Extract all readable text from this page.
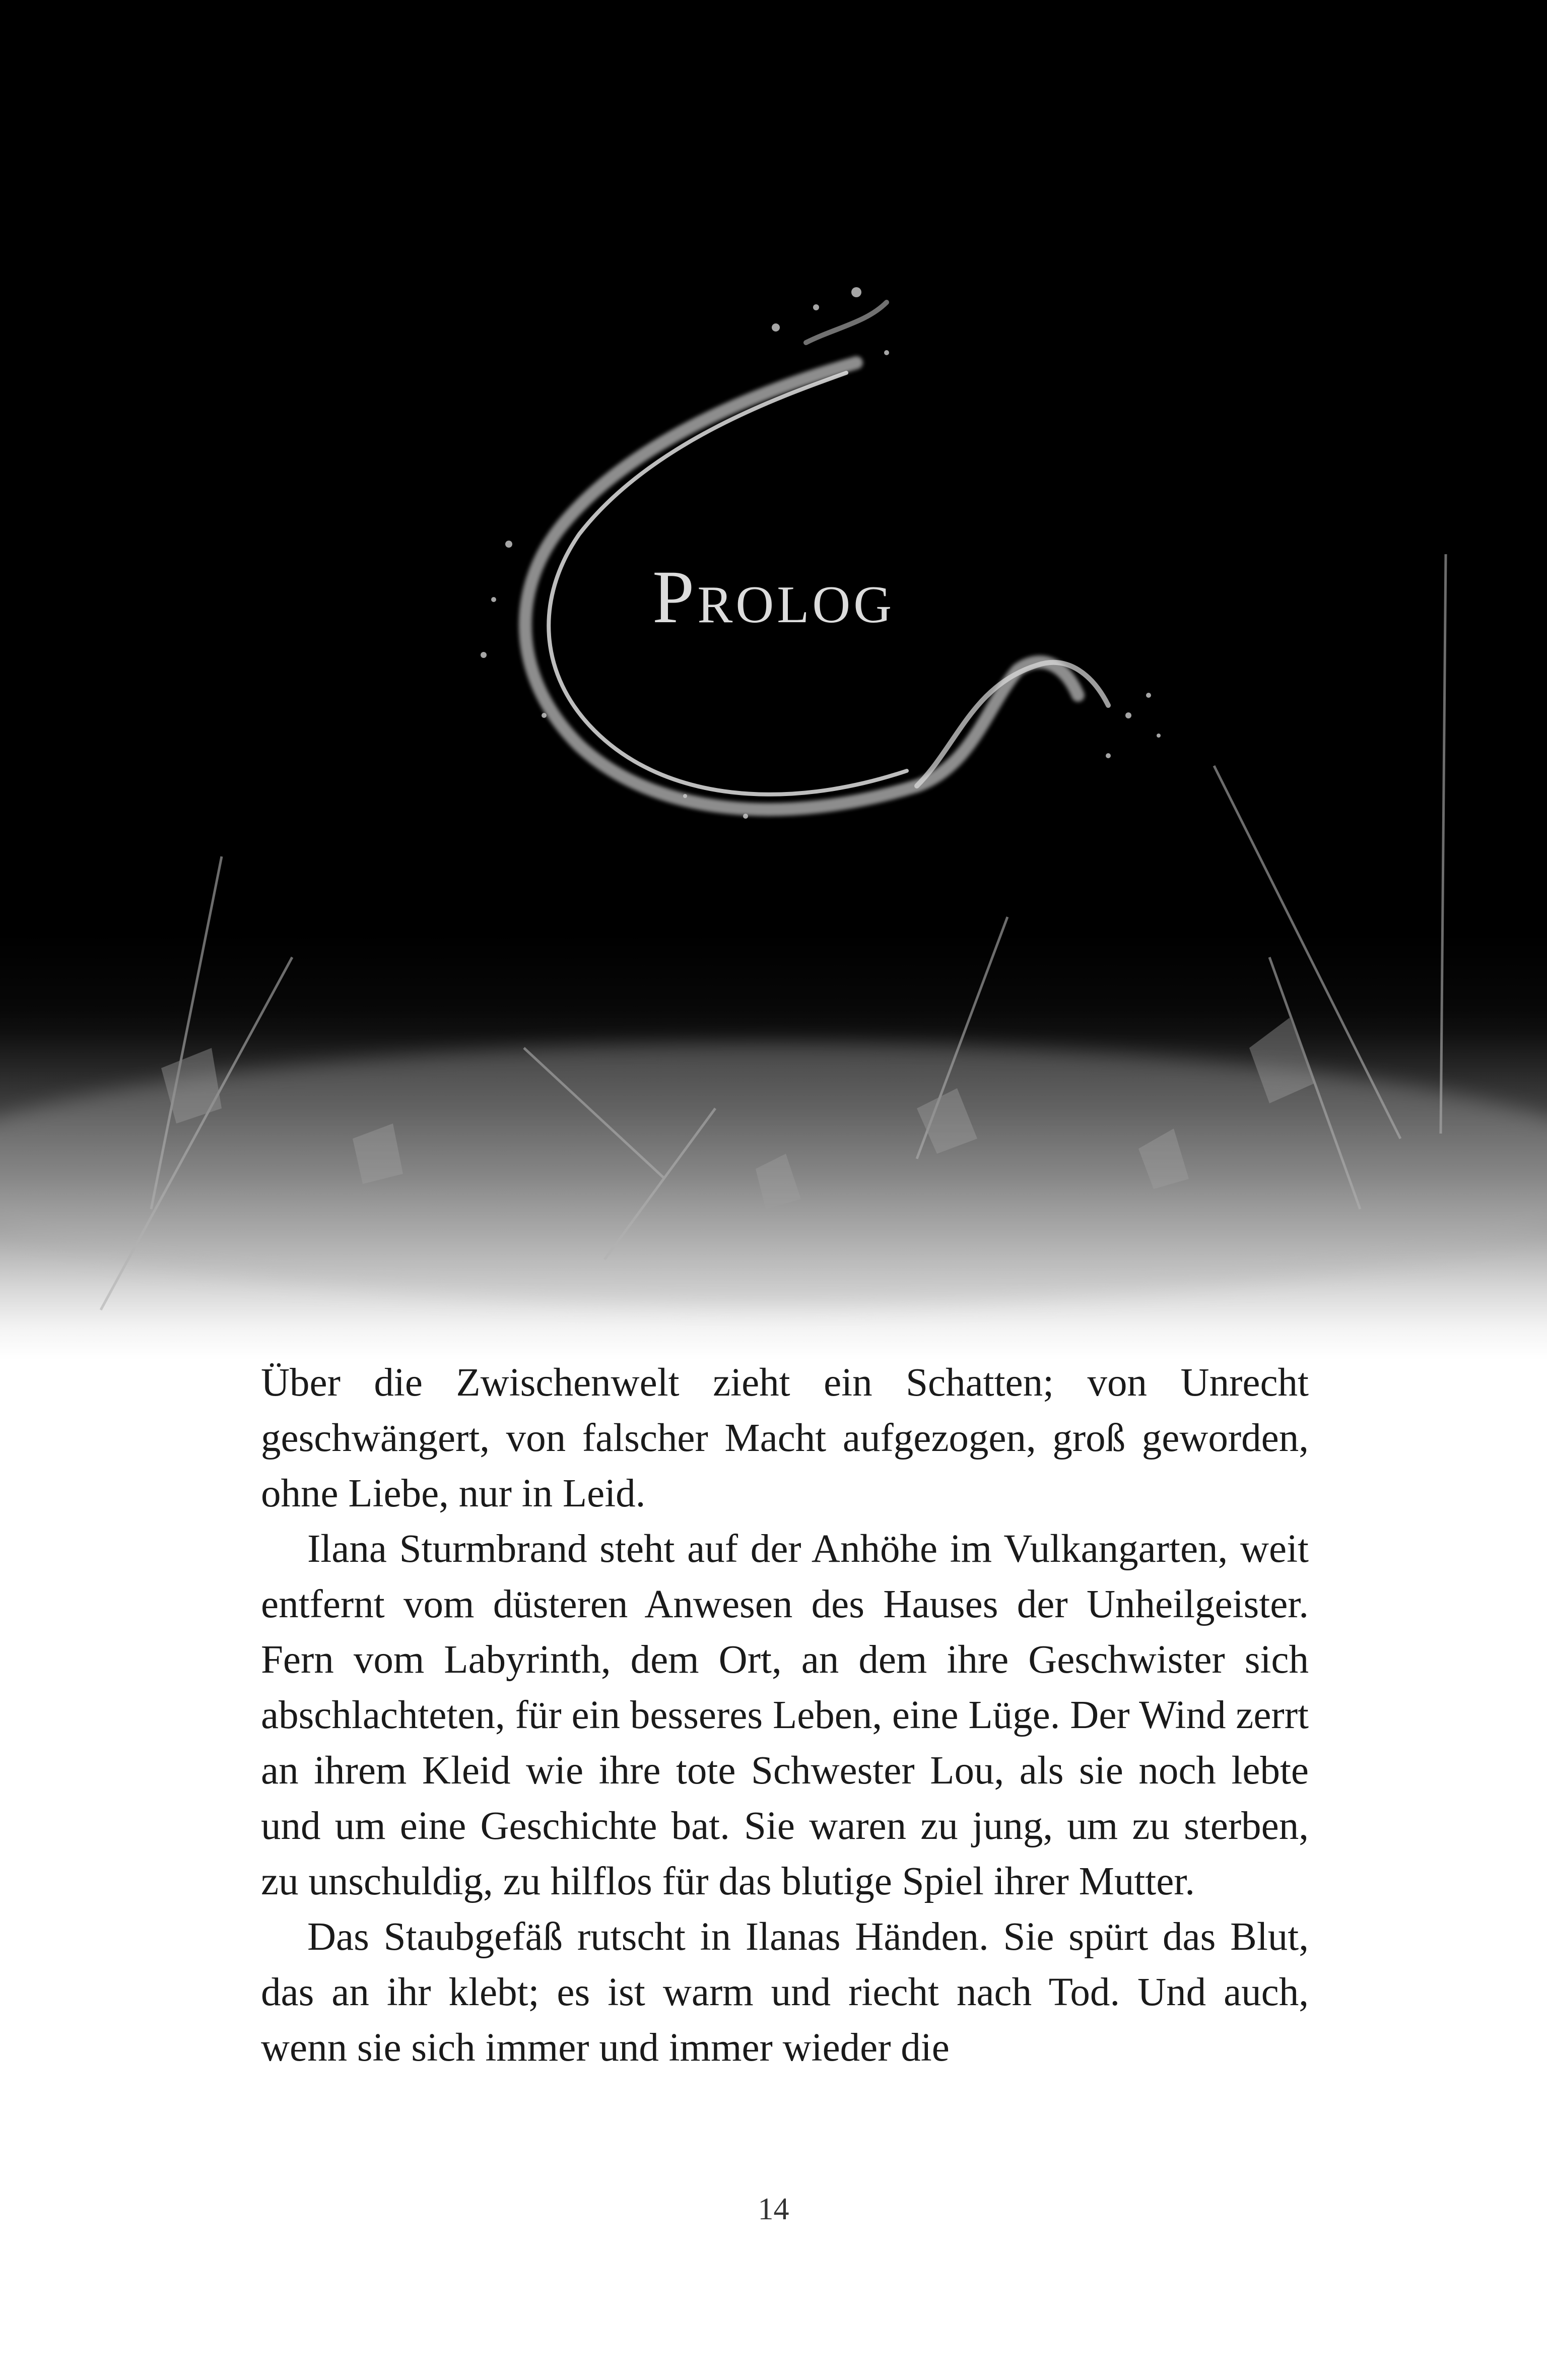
Prolog

Über die Zwischenwelt zieht ein Schatten; von Unrecht geschwängert, von falscher Macht aufgezogen, groß geworden, ohne Liebe, nur in Leid.

Ilana Sturmbrand steht auf der Anhöhe im Vulkangarten, weit entfernt vom düsteren Anwesen des Hauses der Unheilgeister. Fern vom Labyrinth, dem Ort, an dem ihre Geschwister sich abschlachteten, für ein besseres Leben, eine Lüge. Der Wind zerrt an ihrem Kleid wie ihre tote Schwester Lou, als sie noch lebte und um eine Geschichte bat. Sie waren zu jung, um zu sterben, zu unschuldig, zu hilflos für das blutige Spiel ihrer Mutter.

Das Staubgefäß rutscht in Ilanas Händen. Sie spürt das Blut, das an ihr klebt; es ist warm und riecht nach Tod. Und auch, wenn sie sich immer und immer wieder die

14
